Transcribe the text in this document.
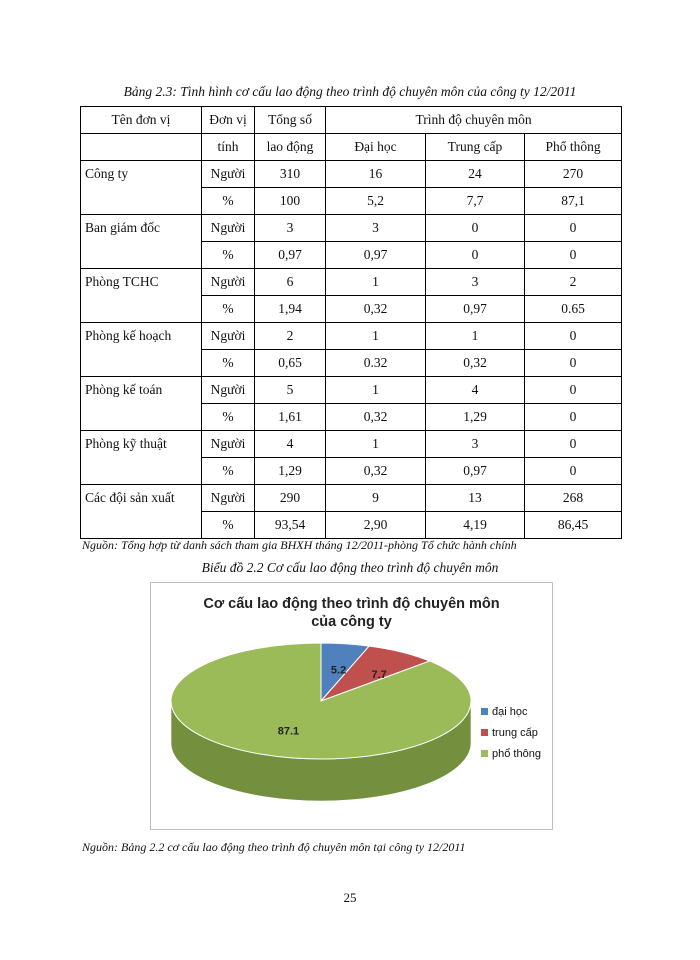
Bảng 2.3: Tình hình cơ cấu lao động theo trình độ chuyên môn của công ty 12/2011
Tên đơn vị	Đơn vị	Tổng số	Trình độ chuyên môn		
	tính	lao động	Đại học	Trung cấp	Phổ thông
Công ty	Người	310	16	24	270
	%	100	5,2	7,7	87,1
Ban giám đốc	Người	3	3	0	0
	%	0,97	0,97	0	0
Phòng TCHC	Người	6	1	3	2
	%	1,94	0,32	0,97	0.65
Phòng kế hoạch	Người	2	1	1	0
	%	0,65	0.32	0,32	0
Phòng kế toán	Người	5	1	4	0
	%	1,61	0,32	1,29	0
Phòng kỹ thuật	Người	4	1	3	0
	%	1,29	0,32	0,97	0
Các đội sản xuất	Người	290	9	13	268
	%	93,54	2,90	4,19	86,45
Nguồn: Tổng hợp từ danh sách tham gia BHXH tháng 12/2011-phòng Tổ chức hành chính
Biểu đồ 2.2 Cơ cấu lao động theo trình độ chuyên môn
Cơ cấu lao động theo trình độ chuyên môn
của công ty
5.2 7.7
87.1
đại học
trung cấp
phổ thông
Nguồn: Bảng 2.2 cơ cấu lao động theo trình độ chuyên môn tại công ty 12/2011
25
